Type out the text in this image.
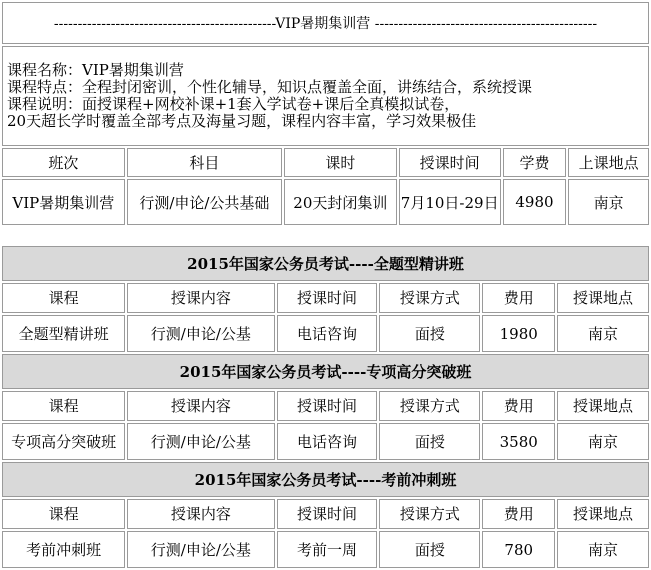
-----------------------------------------------VIP暑期集训营 -----------------------------------------------					

课程名称：VIP暑期集训营
课程特点：全程封闭密训，个性化辅导，知识点覆盖全面，讲练结合，系统授课
课程说明：面授课程+网校补课+1套入学试卷+课后全真模拟试卷，
20天超长学时覆盖全部考点及海量习题，课程内容丰富，学习效果极佳					

班次	科目	课时	授课时间	学费	上课地点
VIP暑期集训营	行测/申论/公共基础	20天封闭集训	7月10日-29日	4980	南京
2015年国家公务员考试----全题型精讲班					
课程	授课内容	授课时间	授课方式	费用	授课地点
全题型精讲班	行测/申论/公基	电话咨询	面授	1980	南京
2015年国家公务员考试----专项高分突破班					
课程	授课内容	授课时间	授课方式	费用	授课地点
专项高分突破班	行测/申论/公基	电话咨询	面授	3580	南京
2015年国家公务员考试----考前冲刺班					
课程	授课内容	授课时间	授课方式	费用	授课地点
考前冲刺班	行测/申论/公基	考前一周	面授	780	南京
